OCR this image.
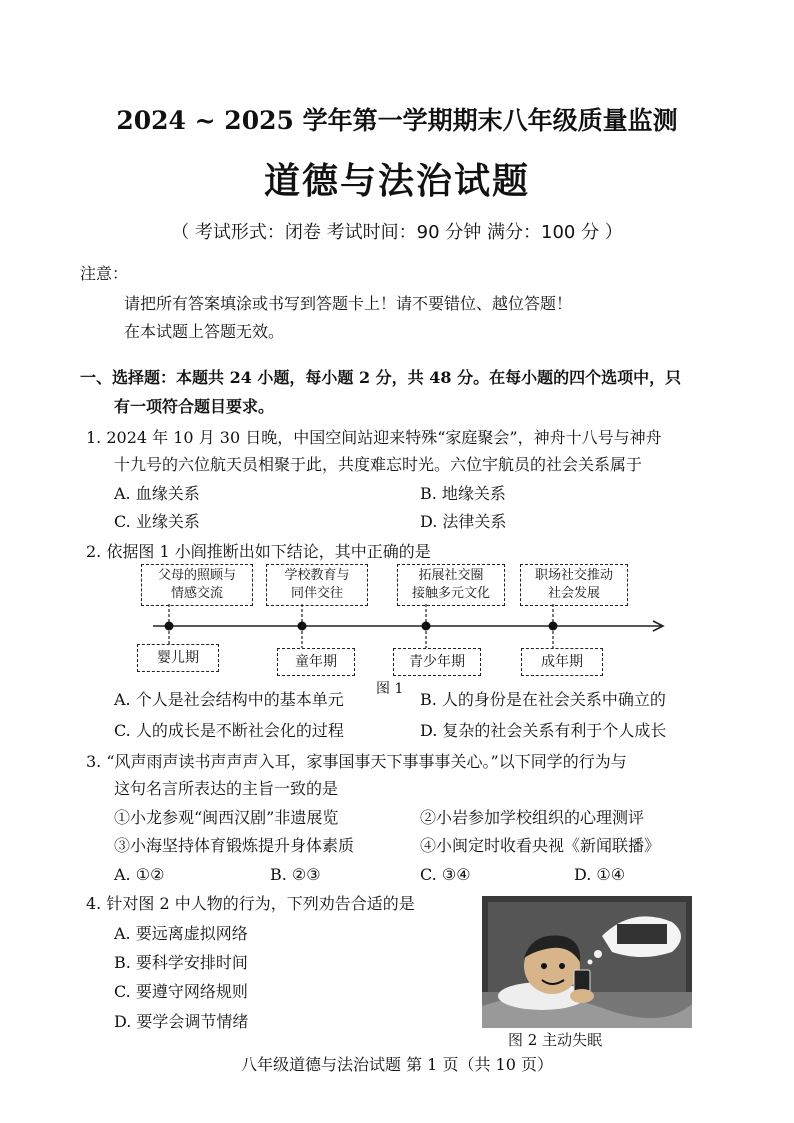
2024 ~ 2025 学年第一学期期末八年级质量监测
道德与法治试题
（ 考试形式：闭卷 考试时间：90 分钟 满分：100 分 ）
注意：
请把所有答案填涂或书写到答题卡上！请不要错位、越位答题！
在本试题上答题无效。
一、选择题：本题共 24 小题，每小题 2 分，共 48 分。在每小题的四个选项中，只
有一项符合题目要求。
1. 2024 年 10 月 30 日晚，中国空间站迎来特殊“家庭聚会”，神舟十八号与神舟
十九号的六位航天员相聚于此，共度难忘时光。六位宇航员的社会关系属于
A. 血缘关系	B. 地缘关系
C. 业缘关系	D. 法律关系
2. 依据图 1 小阎推断出如下结论，其中正确的是
父母的照顾与
情感交流
学校教育与
同伴交往
拓展社交圈
接触多元文化
职场社交推动
社会发展
婴儿期	童年期	青少年期	成年期
图 1
A. 个人是社会结构中的基本单元	B. 人的身份是在社会关系中确立的
C. 人的成长是不断社会化的过程	D. 复杂的社会关系有利于个人成长
3. “风声雨声读书声声声入耳，家事国事天下事事事关心。”以下同学的行为与
这句名言所表达的主旨一致的是
①小龙参观“闽西汉剧”非遗展览	②小岩参加学校组织的心理测评
③小海坚持体育锻炼提升身体素质	④小闽定时收看央视《新闻联播》
A. ①②	B. ②③	C. ③④	D. ①④
4. 针对图 2 中人物的行为，下列劝告合适的是
A. 要远离虚拟网络
B. 要科学安排时间
C. 要遵守网络规则
D. 要学会调节情绪
图 2 主动失眠
八年级道德与法治试题 第 1 页（共 10 页）
